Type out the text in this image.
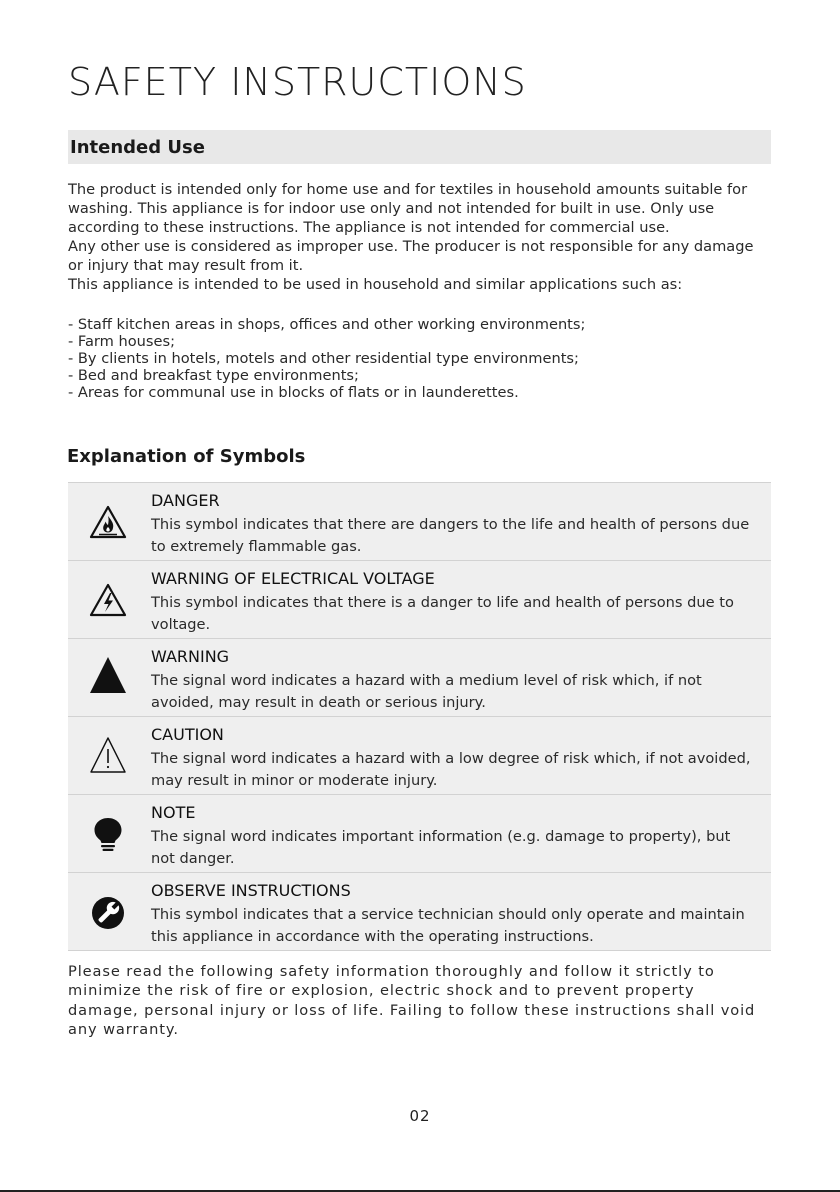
SAFETY INSTRUCTIONS
Intended Use

The product is intended only for home use and for textiles in household amounts suitable for washing. This appliance is for indoor use only and not intended for built in use. Only use according to these instructions. The appliance is not intended for commercial use.

Any other use is considered as improper use. The producer is not responsible for any damage or injury that may result from it.

This appliance is intended to be used in household and similar applications such as:

- Staff kitchen areas in shops, offices and other working environments;
- Farm houses;
- By clients in hotels, motels and other residential type environments;
- Bed and breakfast type environments;
- Areas for communal use in blocks of flats or in launderettes.
Explanation of Symbols
DANGER
This symbol indicates that there are dangers to the life and health of persons due to extremely flammable gas.
WARNING OF ELECTRICAL VOLTAGE
This symbol indicates that there is a danger to life and health of persons due to voltage.
WARNING
The signal word indicates a hazard with a medium level of risk which, if not avoided, may result in death or serious injury.
CAUTION
The signal word indicates a hazard with a low degree of risk which, if not avoided, may result in minor or moderate injury.
NOTE
The signal word indicates important information (e.g. damage to property), but not danger.
OBSERVE INSTRUCTIONS
This symbol indicates that a service technician should only operate and maintain this appliance in accordance with the operating instructions.
Please read the following safety information thoroughly and follow it strictly to minimize the risk of fire or explosion, electric shock and to prevent property damage, personal injury or loss of life. Failing to follow these instructions shall void any warranty.
02
